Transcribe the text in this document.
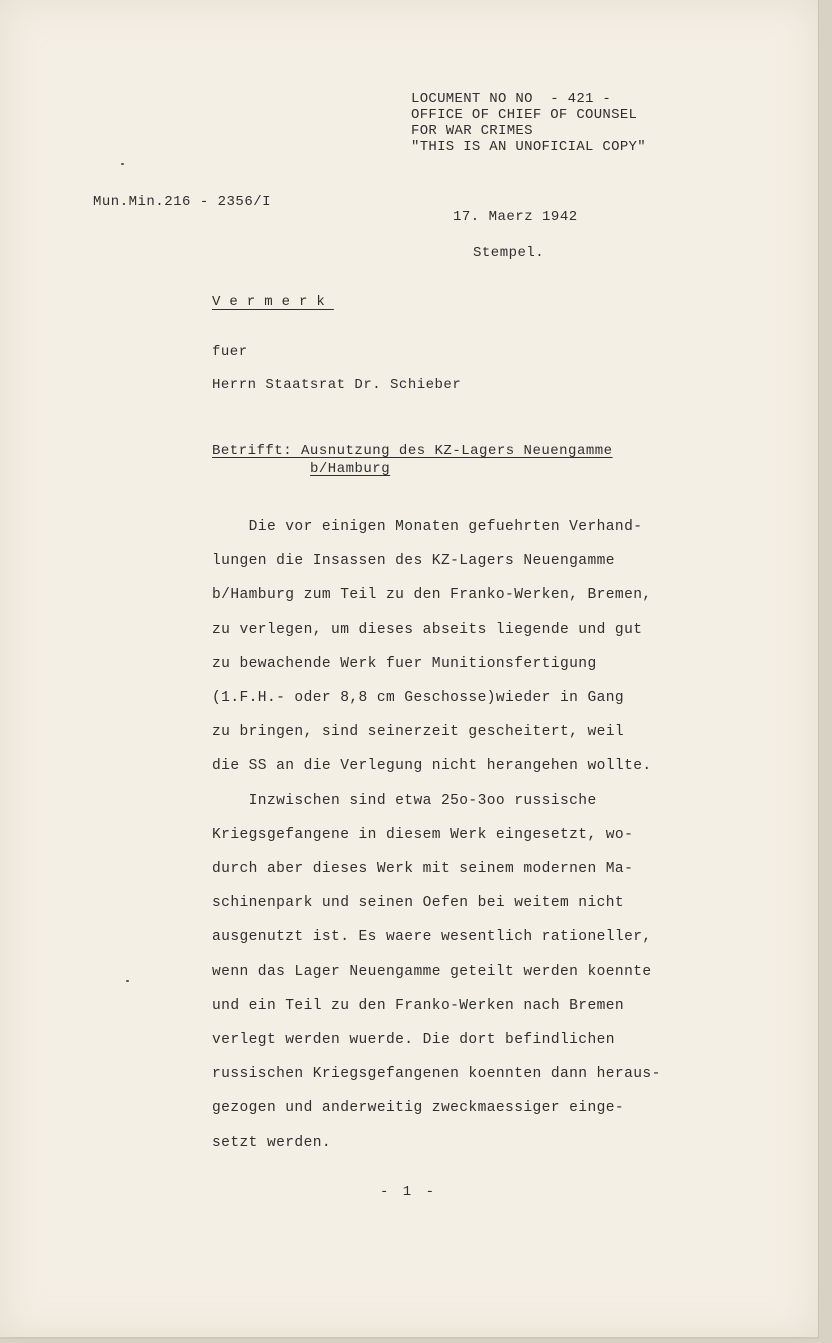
LOCUMENT NO NO  - 421 -
OFFICE OF CHIEF OF COUNSEL
FOR WAR CRIMES
"THIS IS AN UNOFICIAL COPY"
Mun.Min.216 - 2356/I
17. Maerz 1942
Stempel.
Vermerk
fuer
Herrn Staatsrat Dr. Schieber
Betrifft: Ausnutzung des KZ-Lagers Neuengamme
b/Hamburg
Die vor einigen Monaten gefuehrten Verhand-
lungen die Insassen des KZ-Lagers Neuengamme
b/Hamburg zum Teil zu den Franko-Werken, Bremen,
zu verlegen, um dieses abseits liegende und gut
zu bewachende Werk fuer Munitionsfertigung
(1.F.H.- oder 8,8 cm Geschosse)wieder in Gang
zu bringen, sind seinerzeit gescheitert, weil
die SS an die Verlegung nicht herangehen wollte.
Inzwischen sind etwa 25o-3oo russische
Kriegsgefangene in diesem Werk eingesetzt, wo-
durch aber dieses Werk mit seinem modernen Ma-
schinenpark und seinen Oefen bei weitem nicht
ausgenutzt ist. Es waere wesentlich rationeller,
wenn das Lager Neuengamme geteilt werden koennte
und ein Teil zu den Franko-Werken nach Bremen
verlegt werden wuerde. Die dort befindlichen
russischen Kriegsgefangenen koennten dann heraus-
gezogen und anderweitig zweckmaessiger einge-
setzt werden.
- 1 -
